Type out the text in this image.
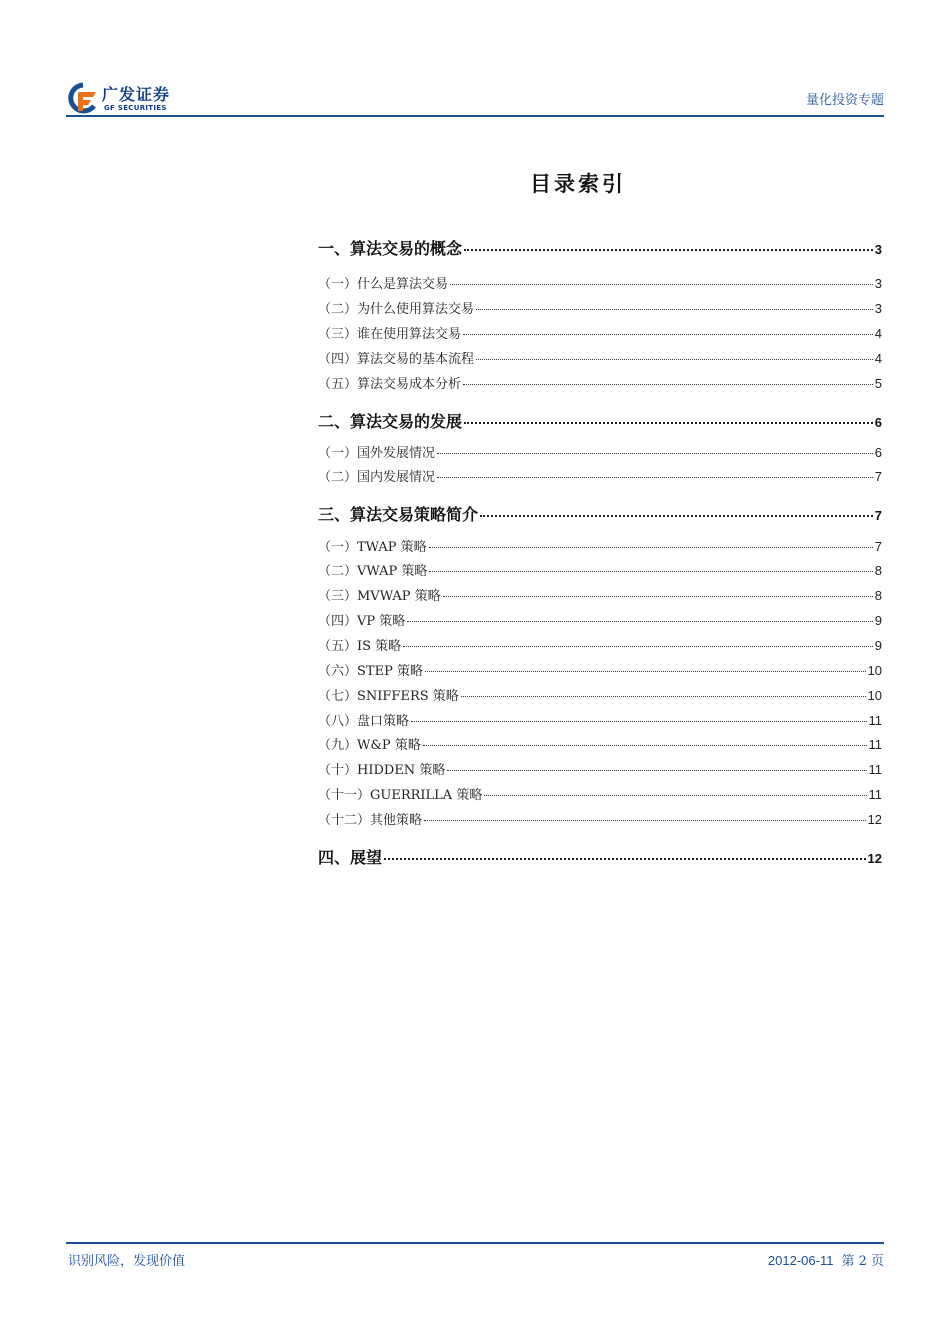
广发证券
GF SECURITIES	量化投资专题
目录索引
一、算法交易的概念	3
（一）什么是算法交易	3
（二）为什么使用算法交易	3
（三）谁在使用算法交易	4
（四）算法交易的基本流程	4
（五）算法交易成本分析	5
二、算法交易的发展	6
（一）国外发展情况	6
（二）国内发展情况	7
三、算法交易策略简介	7
（一）TWAP 策略	7
（二）VWAP 策略	8
（三）MVWAP 策略	8
（四）VP 策略	9
（五）IS 策略	9
（六）STEP 策略	10
（七）SNIFFERS 策略	10
（八）盘口策略	11
（九）W&P 策略	11
（十）HIDDEN 策略	11
（十一）GUERRILLA 策略	11
（十二）其他策略	12
四、展望	12
识别风险，发现价值	2012-06-11 第 2 页
